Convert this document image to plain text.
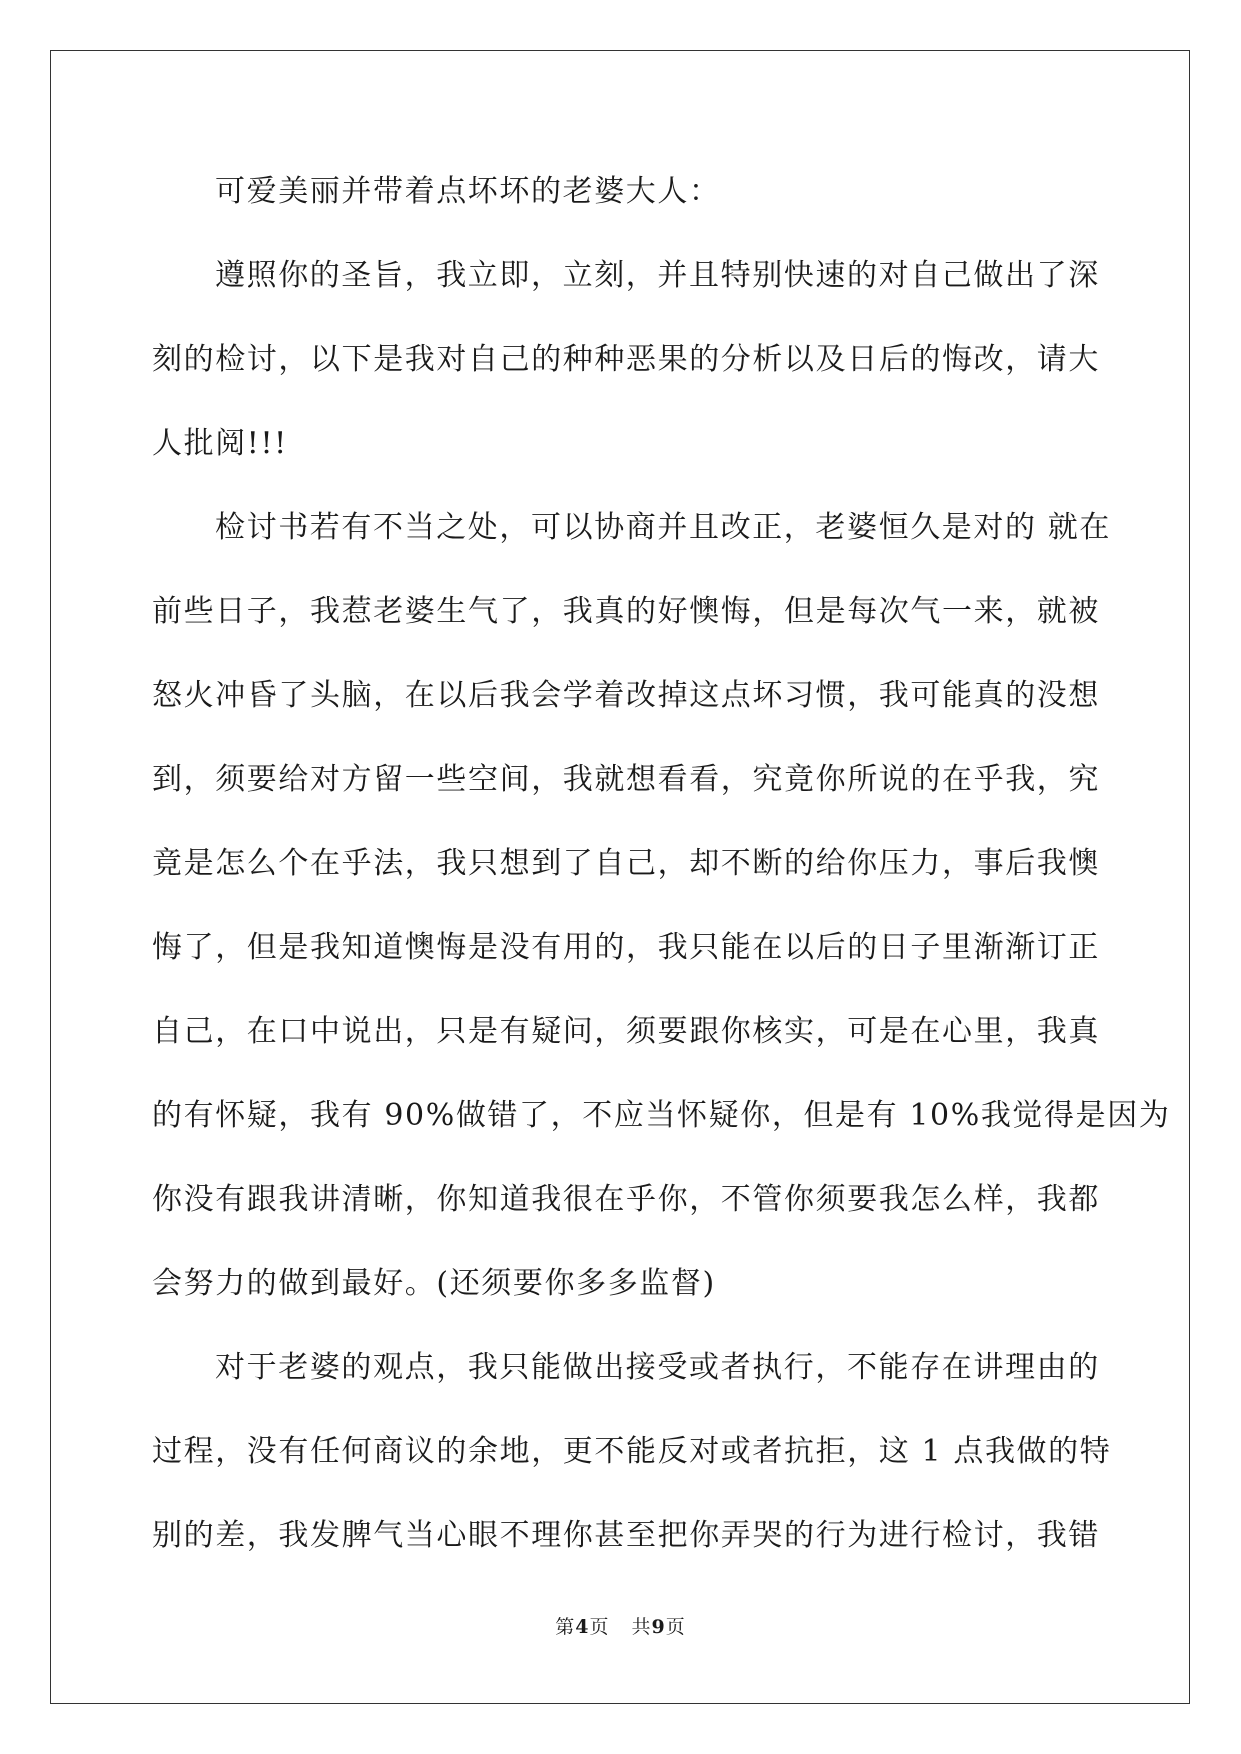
可爱美丽并带着点坏坏的老婆大人：
遵照你的圣旨，我立即，立刻，并且特别快速的对自己做出了深
刻的检讨，以下是我对自己的种种恶果的分析以及日后的悔改，请大
人批阅!!!
检讨书若有不当之处，可以协商并且改正，老婆恒久是对的 就在
前些日子，我惹老婆生气了，我真的好懊悔，但是每次气一来，就被
怒火冲昏了头脑，在以后我会学着改掉这点坏习惯，我可能真的没想
到，须要给对方留一些空间，我就想看看，究竟你所说的在乎我，究
竟是怎么个在乎法，我只想到了自己，却不断的给你压力，事后我懊
悔了，但是我知道懊悔是没有用的，我只能在以后的日子里渐渐订正
自己，在口中说出，只是有疑问，须要跟你核实，可是在心里，我真
的有怀疑，我有 90%做错了，不应当怀疑你，但是有 10%我觉得是因为
你没有跟我讲清晰，你知道我很在乎你，不管你须要我怎么样，我都
会努力的做到最好。(还须要你多多监督)
对于老婆的观点，我只能做出接受或者执行，不能存在讲理由的
过程，没有任何商议的余地，更不能反对或者抗拒，这 1 点我做的特
别的差，我发脾气当心眼不理你甚至把你弄哭的行为进行检讨，我错
第4页 共9页
